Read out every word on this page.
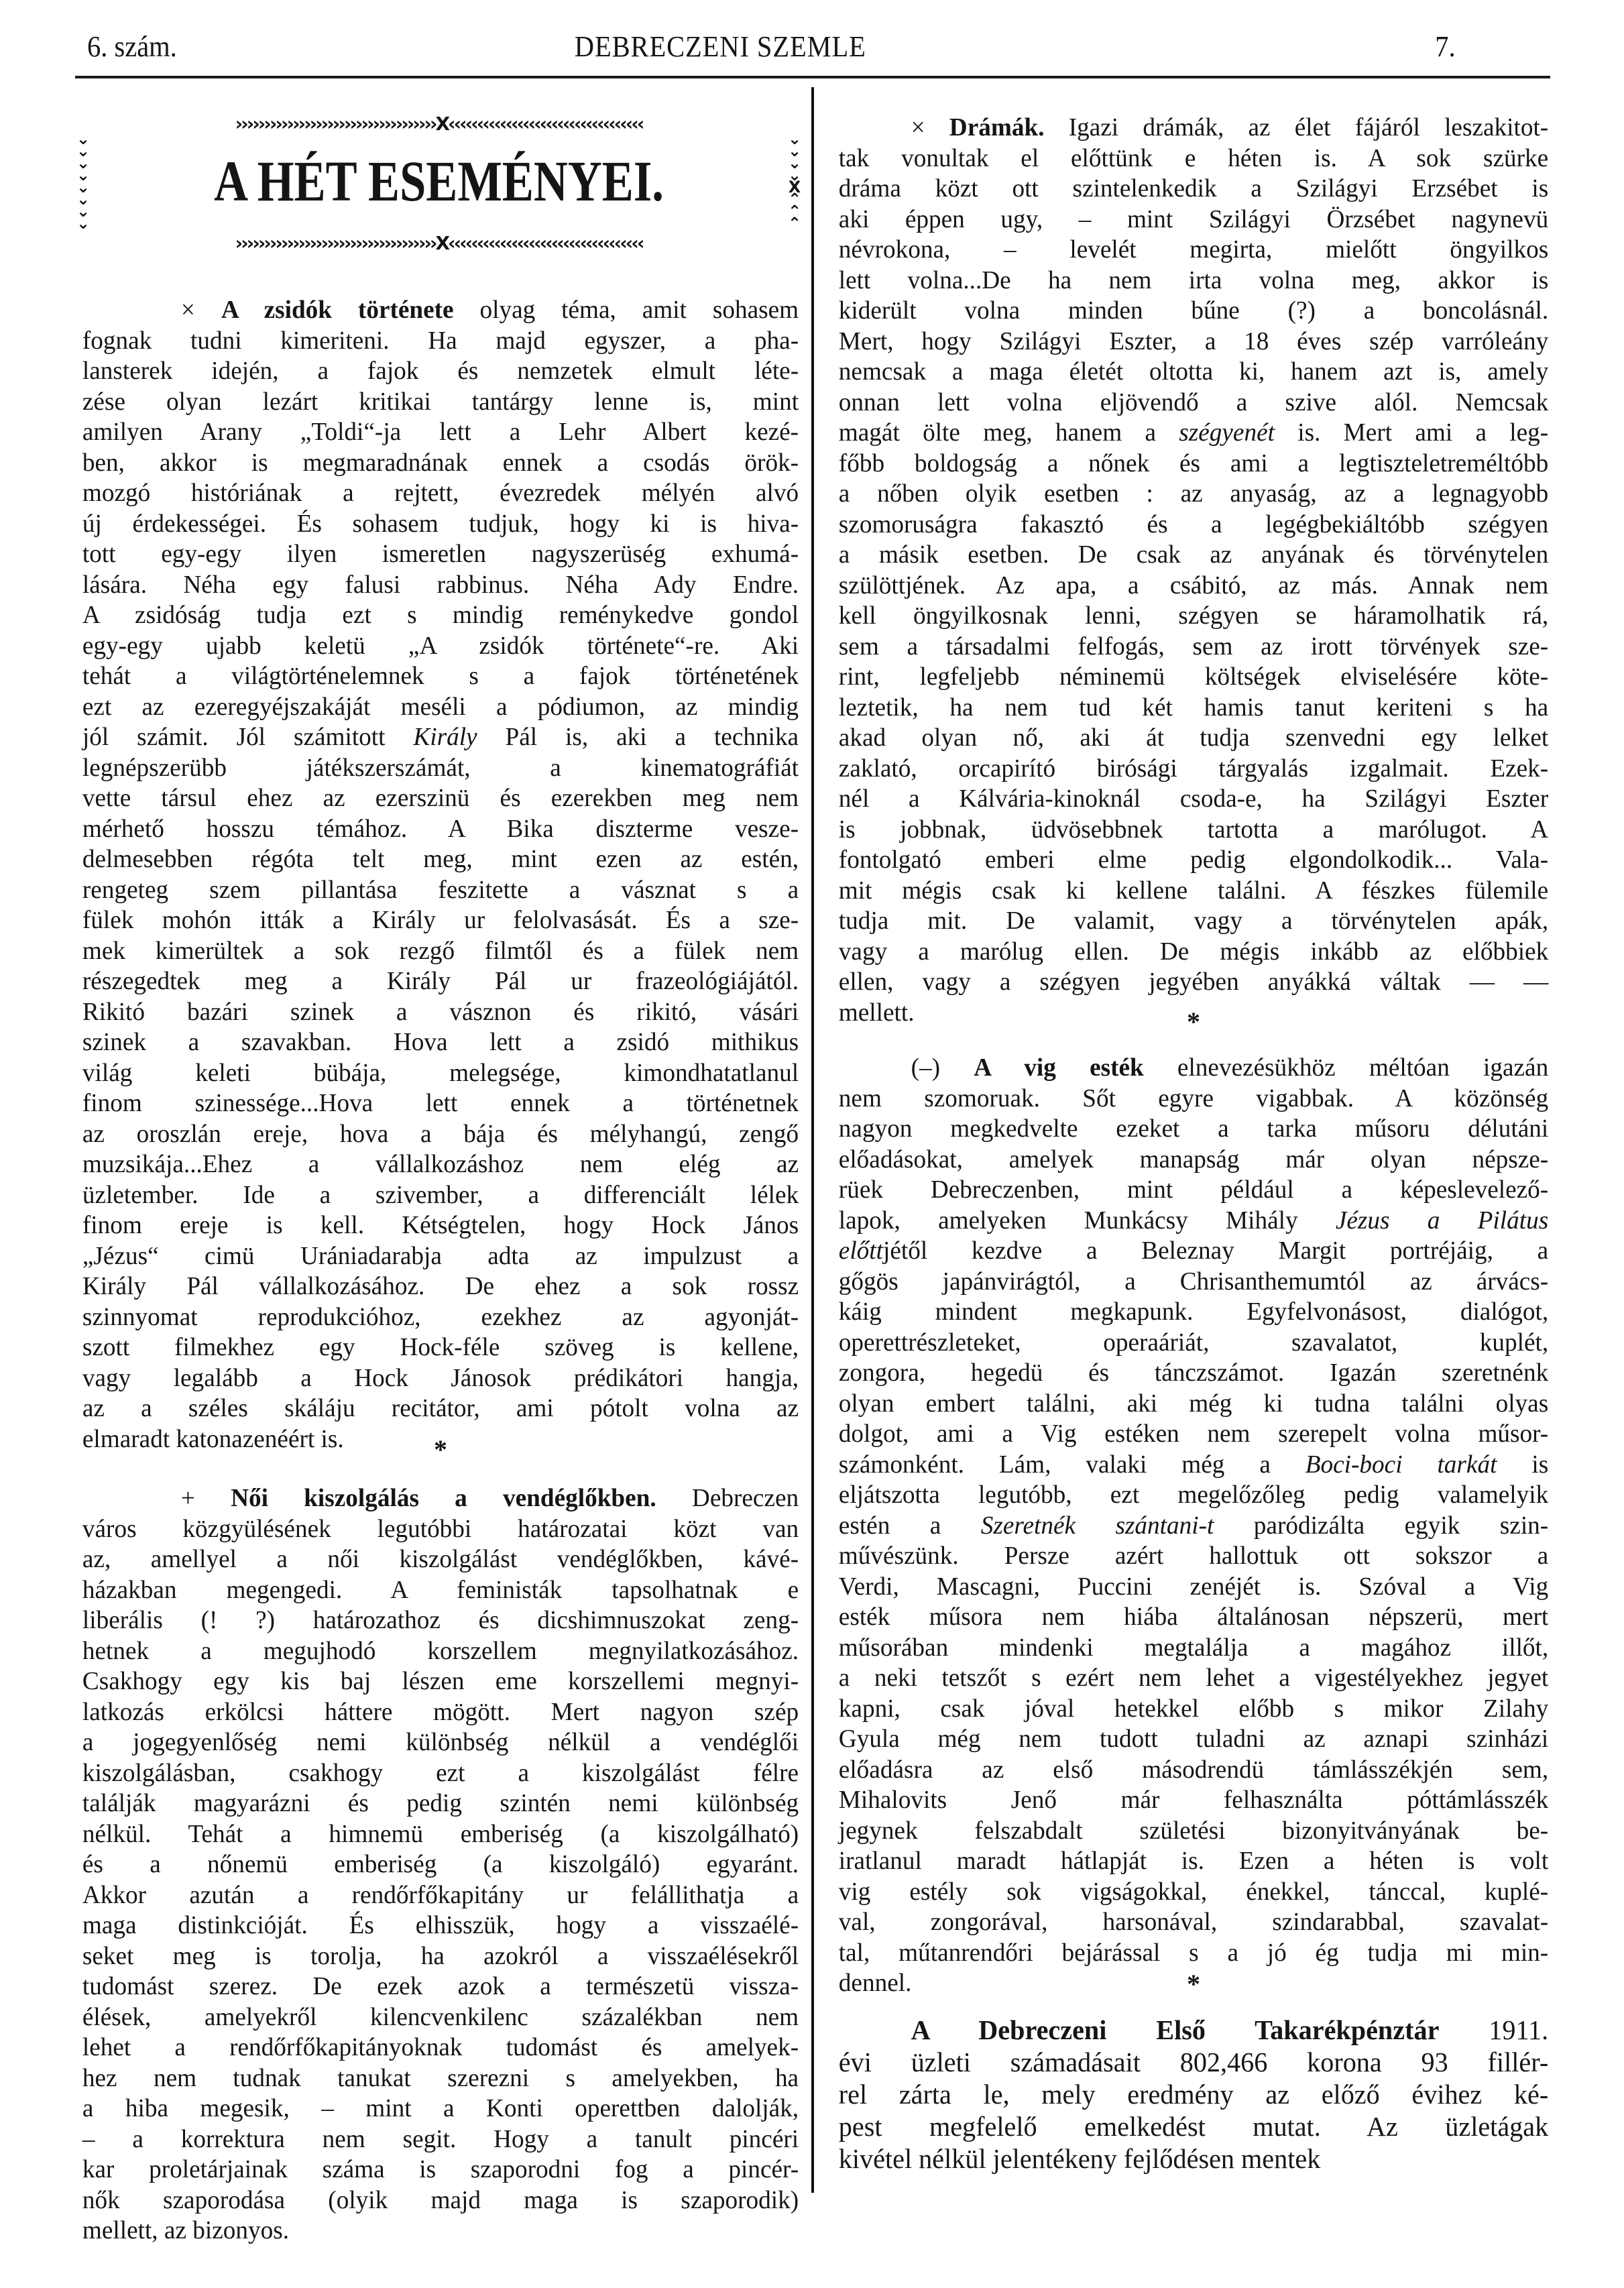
6. szám.	DEBRECZENI SZEMLE	7.
›››››››››››››››››››››››››››››››››››X‹‹‹‹‹‹‹‹‹‹‹‹‹‹‹‹‹‹‹‹‹‹‹‹‹‹‹‹‹‹‹‹‹‹
⌄⌄⌄⌄⌄⌄⌄⌄
⌄⌄⌄⌄X⌃⌃⌃
A HÉT ESEMÉNYEI.
›››››››››››››››››››››››››››››››››››X‹‹‹‹‹‹‹‹‹‹‹‹‹‹‹‹‹‹‹‹‹‹‹‹‹‹‹‹‹‹‹‹‹‹
× A zsidók története olyag téma, amit sohasem
fognak tudni kimeriteni. Ha majd egyszer, a pha-
lansterek idején, a fajok és nemzetek elmult léte-
zése olyan lezárt kritikai tantárgy lenne is, mint
amilyen Arany „Toldi“-ja lett a Lehr Albert kezé-
ben, akkor is megmaradnának ennek a csodás örök-
mozgó históriának a rejtett, évezredek mélyén alvó
új érdekességei. És sohasem tudjuk, hogy ki is hiva-
tott egy-egy ilyen ismeretlen nagyszerüség exhumá-
lására. Néha egy falusi rabbinus. Néha Ady Endre.
A zsidóság tudja ezt s mindig reménykedve gondol
egy-egy ujabb keletü „A zsidók története“-re. Aki
tehát a világtörténelemnek s a fajok történetének
ezt az ezeregyéjszakáját meséli a pódiumon, az mindig
jól számit. Jól számitott Király Pál is, aki a technika
legnépszerübb játékszerszámát, a kinematográfiát
vette társul ehez az ezerszinü és ezerekben meg nem
mérhető hosszu témához. A Bika diszterme vesze-
delmesebben régóta telt meg, mint ezen az estén,
rengeteg szem pillantása feszitette a vásznat s a
fülek mohón itták a Király ur felolvasását. És a sze-
mek kimerültek a sok rezgő filmtől és a fülek nem
részegedtek meg a Király Pál ur frazeológiájától.
Rikitó bazári szinek a vásznon és rikitó, vásári
szinek a szavakban. Hova lett a zsidó mithikus
világ keleti bübája, melegsége, kimondhatatlanul
finom szinessége...Hova lett ennek a történetnek
az oroszlán ereje, hova a bája és mélyhangú, zengő
muzsikája...Ehez a vállalkozáshoz nem elég az
üzletember. Ide a szivember, a differenciált lélek
finom ereje is kell. Kétségtelen, hogy Hock János
„Jézus“ cimü Urániadarabja adta az impulzust a
Király Pál vállalkozásához. De ehez a sok rossz
szinnyomat reprodukcióhoz, ezekhez az agyonját-
szott filmekhez egy Hock-féle szöveg is kellene,
vagy legalább a Hock Jánosok prédikátori hangja,
az a széles skáláju recitátor, ami pótolt volna az
elmaradt katonazenéért is.	*
+ Női kiszolgálás a vendéglőkben. Debreczen
város közgyülésének legutóbbi határozatai közt van
az, amellyel a női kiszolgálást vendéglőkben, kávé-
házakban megengedi. A feministák tapsolhatnak e
liberális (! ?) határozathoz és dicshimnuszokat zeng-
hetnek a megujhodó korszellem megnyilatkozásához.
Csakhogy egy kis baj lészen eme korszellemi megnyi-
latkozás erkölcsi háttere mögött. Mert nagyon szép
a jogegyenlőség nemi különbség nélkül a vendéglői
kiszolgálásban, csakhogy ezt a kiszolgálást félre
találják magyarázni és pedig szintén nemi különbség
nélkül. Tehát a himnemü emberiség (a kiszolgálható)
és a nőnemü emberiség (a kiszolgáló) egyaránt.
Akkor azután a rendőrfőkapitány ur felállithatja a
maga distinkcióját. És elhisszük, hogy a visszaélé-
seket meg is torolja, ha azokról a visszaélésekről
tudomást szerez. De ezek azok a természetü vissza-
élések, amelyekről kilencvenkilenc százalékban nem
lehet a rendőrfőkapitányoknak tudomást és amelyek-
hez nem tudnak tanukat szerezni s amelyekben, ha
a hiba megesik, – mint a Konti operettben dalolják,
– a korrektura nem segit. Hogy a tanult pincéri
kar proletárjainak száma is szaporodni fog a pincér-
nők szaporodása (olyik majd maga is szaporodik)
mellett, az bizonyos.
× Drámák. Igazi drámák, az élet fájáról leszakitot-
tak vonultak el előttünk e héten is. A sok szürke
dráma közt ott szintelenkedik a Szilágyi Erzsébet is
aki éppen ugy, – mint Szilágyi Örzsébet nagynevü
névrokona, – levelét megirta, mielőtt öngyilkos
lett volna...De ha nem irta volna meg, akkor is
kiderült volna minden bűne (?) a boncolásnál.
Mert, hogy Szilágyi Eszter, a 18 éves szép varróleány
nemcsak a maga életét oltotta ki, hanem azt is, amely
onnan lett volna eljövendő a szive alól. Nemcsak
magát ölte meg, hanem a szégyenét is. Mert ami a leg-
főbb boldogság a nőnek és ami a legtiszteletreméltóbb
a nőben olyik esetben : az anyaság, az a legnagyobb
szomoruságra fakasztó és a legégbekiáltóbb szégyen
a másik esetben. De csak az anyának és törvénytelen
szülöttjének. Az apa, a csábitó, az más. Annak nem
kell öngyilkosnak lenni, szégyen se háramolhatik rá,
sem a társadalmi felfogás, sem az irott törvények sze-
rint, legfeljebb néminemü költségek elviselésére köte-
leztetik, ha nem tud két hamis tanut keriteni s ha
akad olyan nő, aki át tudja szenvedni egy lelket
zaklató, orcapirító birósági tárgyalás izgalmait. Ezek-
nél a Kálvária-kinoknál csoda-e, ha Szilágyi Eszter
is jobbnak, üdvösebbnek tartotta a marólugot. A
fontolgató emberi elme pedig elgondolkodik... Vala-
mit mégis csak ki kellene találni. A fészkes fülemile
tudja mit. De valamit, vagy a törvénytelen apák,
vagy a marólug ellen. De mégis inkább az előbbiek
ellen, vagy a szégyen jegyében anyákká váltak — —
mellett.	*
(–) A vig esték elnevezésükhöz méltóan igazán
nem szomoruak. Sőt egyre vigabbak. A közönség
nagyon megkedvelte ezeket a tarka műsoru délutáni
előadásokat, amelyek manapság már olyan népsze-
rüek Debreczenben, mint például a képeslevelező-
lapok, amelyeken Munkácsy Mihály Jézus a Pilátus
előttjétől kezdve a Beleznay Margit portréjáig, a
gőgös japánvirágtól, a Chrisanthemumtól az árvács-
káig mindent megkapunk. Egyfelvonásost, dialógot,
operettrészleteket, operaáriát, szavalatot, kuplét,
zongora, hegedü és tánczszámot. Igazán szeretnénk
olyan embert találni, aki még ki tudna találni olyas
dolgot, ami a Vig estéken nem szerepelt volna műsor-
számonként. Lám, valaki még a Boci-boci tarkát is
eljátszotta legutóbb, ezt megelőzőleg pedig valamelyik
estén a Szeretnék szántani-t paródizálta egyik szin-
művészünk. Persze azért hallottuk ott sokszor a
Verdi, Mascagni, Puccini zenéjét is. Szóval a Vig
esték műsora nem hiába általánosan népszerü, mert
műsorában mindenki megtalálja a magához illőt,
a neki tetszőt s ezért nem lehet a vigestélyekhez jegyet
kapni, csak jóval hetekkel előbb s mikor Zilahy
Gyula még nem tudott tuladni az aznapi szinházi
előadásra az első másodrendü támlásszékjén sem,
Mihalovits Jenő már felhasználta póttámlásszék
jegynek felszabdalt születési bizonyitványának be-
iratlanul maradt hátlapját is. Ezen a héten is volt
vig estély sok vigságokkal, énekkel, tánccal, kuplé-
val, zongorával, harsonával, szindarabbal, szavalat-
tal, műtanrendőri bejárással s a jó ég tudja mi min-
dennel.	*
A Debreczeni Első Takarékpénztár 1911.
évi üzleti számadásait 802,466 korona 93 fillér-
rel zárta le, mely eredmény az előző évihez ké-
pest megfelelő emelkedést mutat. Az üzletágak
kivétel nélkül jelentékeny fejlődésen mentek
